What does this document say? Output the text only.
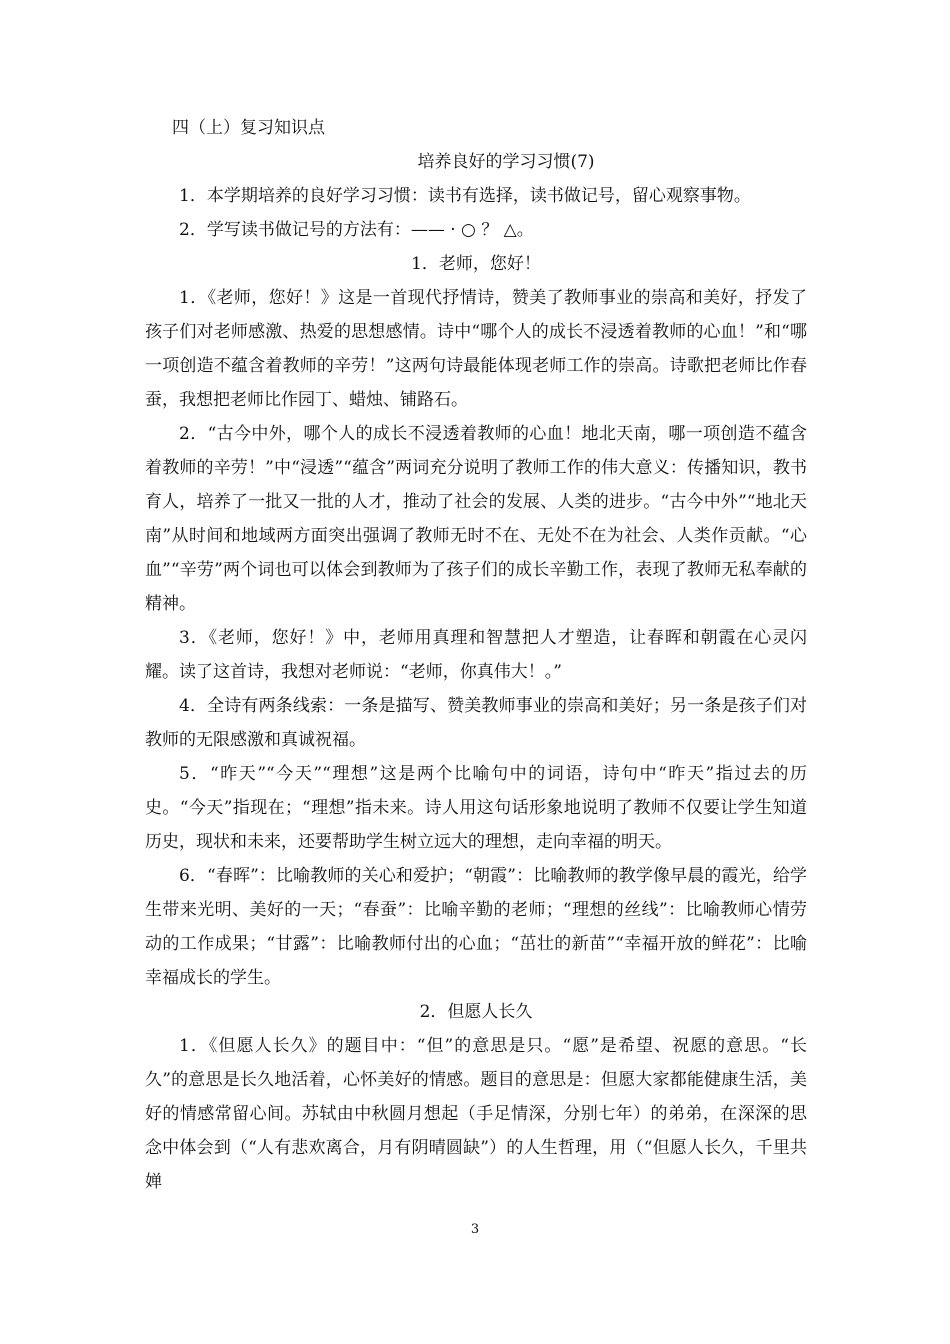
四（上）复习知识点
培养良好的学习习惯(7)

1．本学期培养的良好学习习惯：读书有选择，读书做记号，留心观察事物。

2．学写读书做记号的方法有：—— · ○ ？ △。

1．老师，您好！

1．《老师，您好！》这是一首现代抒情诗，赞美了教师事业的崇高和美好，抒发了孩子们对老师感激、热爱的思想感情。诗中“哪个人的成长不浸透着教师的心血！”和“哪一项创造不蕴含着教师的辛劳！”这两句诗最能体现老师工作的崇高。诗歌把老师比作春蚕，我想把老师比作园丁、蜡烛、铺路石。

2．“古今中外，哪个人的成长不浸透着教师的心血！地北天南，哪一项创造不蕴含着教师的辛劳！”中“浸透”“蕴含”两词充分说明了教师工作的伟大意义：传播知识，教书育人，培养了一批又一批的人才，推动了社会的发展、人类的进步。“古今中外”“地北天南”从时间和地域两方面突出强调了教师无时不在、无处不在为社会、人类作贡献。“心血”“辛劳”两个词也可以体会到教师为了孩子们的成长辛勤工作，表现了教师无私奉献的精神。

3．《老师，您好！》中，老师用真理和智慧把人才塑造，让春晖和朝霞在心灵闪耀。读了这首诗，我想对老师说：“老师，你真伟大！。”

4．全诗有两条线索：一条是描写、赞美教师事业的崇高和美好；另一条是孩子们对教师的无限感激和真诚祝福。

5．“昨天”“今天”“理想”这是两个比喻句中的词语，诗句中“昨天”指过去的历史。“今天”指现在；“理想”指未来。诗人用这句话形象地说明了教师不仅要让学生知道历史，现状和未来，还要帮助学生树立远大的理想，走向幸福的明天。

6．“春晖”：比喻教师的关心和爱护；“朝霞”：比喻教师的教学像早晨的霞光，给学生带来光明、美好的一天；“春蚕”：比喻辛勤的老师；“理想的丝线”：比喻教师心情劳动的工作成果；“甘露”：比喻教师付出的心血；“茁壮的新苗”“幸福开放的鲜花”：比喻幸福成长的学生。

2．但愿人长久

1．《但愿人长久》的题目中：“但”的意思是只。“愿”是希望、祝愿的意思。“长久”的意思是长久地活着，心怀美好的情感。题目的意思是：但愿大家都能健康生活，美好的情感常留心间。苏轼由中秋圆月想起（手足情深，分别七年）的弟弟，在深深的思念中体会到（“人有悲欢离合，月有阴晴圆缺”）的人生哲理，用（“但愿人长久，千里共婵

3
